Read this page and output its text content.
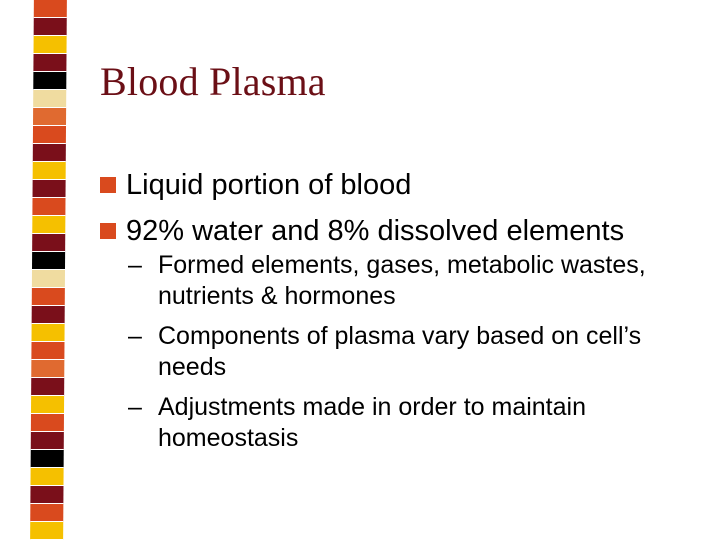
Blood Plasma
Liquid portion of blood
92% water and 8% dissolved elements
– Formed elements, gases, metabolic wastes, nutrients & hormones
– Components of plasma vary based on cell’s needs
– Adjustments made in order to maintain homeostasis
